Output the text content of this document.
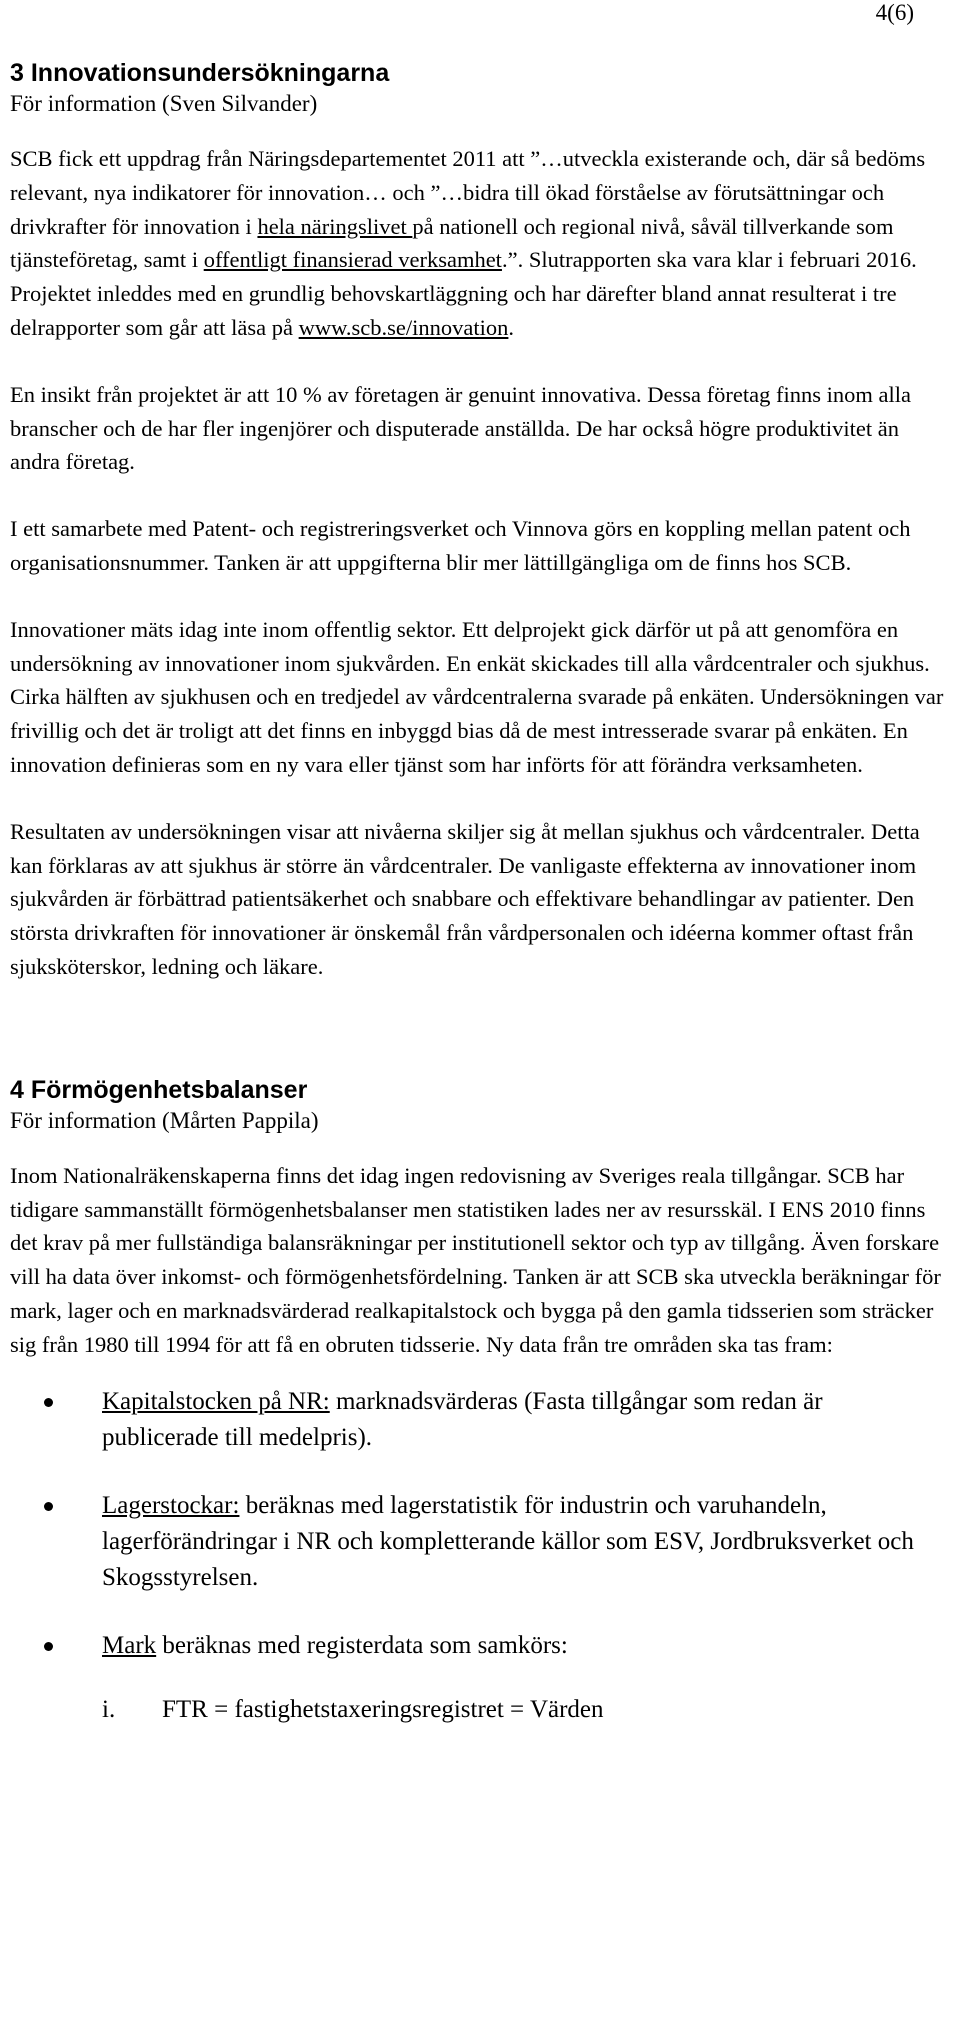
4(6)
3 Innovationsundersökningarna
För information (Sven Silvander)

SCB fick ett uppdrag från Näringsdepartementet 2011 att ”…utveckla existerande och, där så bedöms relevant, nya indikatorer för innovation… och ”…bidra till ökad förståelse av förutsättningar och drivkrafter för innovation i hela näringslivet på nationell och regional nivå, såväl tillverkande som tjänsteföretag, samt i offentligt finansierad verksamhet.”. Slutrapporten ska vara klar i februari 2016. Projektet inleddes med en grundlig behovskartläggning och har därefter bland annat resulterat i tre delrapporter som går att läsa på www.scb.se/innovation.

En insikt från projektet är att 10 % av företagen är genuint innovativa. Dessa företag finns inom alla branscher och de har fler ingenjörer och disputerade anställda. De har också högre produktivitet än andra företag.

I ett samarbete med Patent- och registreringsverket och Vinnova görs en koppling mellan patent och organisationsnummer. Tanken är att uppgifterna blir mer lättillgängliga om de finns hos SCB.

Innovationer mäts idag inte inom offentlig sektor. Ett delprojekt gick därför ut på att genomföra en undersökning av innovationer inom sjukvården. En enkät skickades till alla vårdcentraler och sjukhus. Cirka hälften av sjukhusen och en tredjedel av vårdcentralerna svarade på enkäten. Undersökningen var frivillig och det är troligt att det finns en inbyggd bias då de mest intresserade svarar på enkäten. En innovation definieras som en ny vara eller tjänst som har införts för att förändra verksamheten.

Resultaten av undersökningen visar att nivåerna skiljer sig åt mellan sjukhus och vårdcentraler. Detta kan förklaras av att sjukhus är större än vårdcentraler. De vanligaste effekterna av innovationer inom sjukvården är förbättrad patientsäkerhet och snabbare och effektivare behandlingar av patienter. Den största drivkraften för innovationer är önskemål från vårdpersonalen och idéerna kommer oftast från sjuksköterskor, ledning och läkare.

4 Förmögenhetsbalanser
För information (Mårten Pappila)

Inom Nationalräkenskaperna finns det idag ingen redovisning av Sveriges reala tillgångar. SCB har tidigare sammanställt förmögenhetsbalanser men statistiken lades ner av resursskäl. I ENS 2010 finns det krav på mer fullständiga balansräkningar per institutionell sektor och typ av tillgång. Även forskare vill ha data över inkomst- och förmögenhetsfördelning. Tanken är att SCB ska utveckla beräkningar för mark, lager och en marknadsvärderad realkapitalstock och bygga på den gamla tidsserien som sträcker sig från 1980 till 1994 för att få en obruten tidsserie. Ny data från tre områden ska tas fram:

Kapitalstocken på NR: marknadsvärderas (Fasta tillgångar som redan är publicerade till medelpris).
Lagerstockar: beräknas med lagerstatistik för industrin och varuhandeln, lagerförändringar i NR och kompletterande källor som ESV, Jordbruksverket och Skogsstyrelsen.
Mark beräknas med registerdata som samkörs:
i. FTR = fastighetstaxeringsregistret = Värden
